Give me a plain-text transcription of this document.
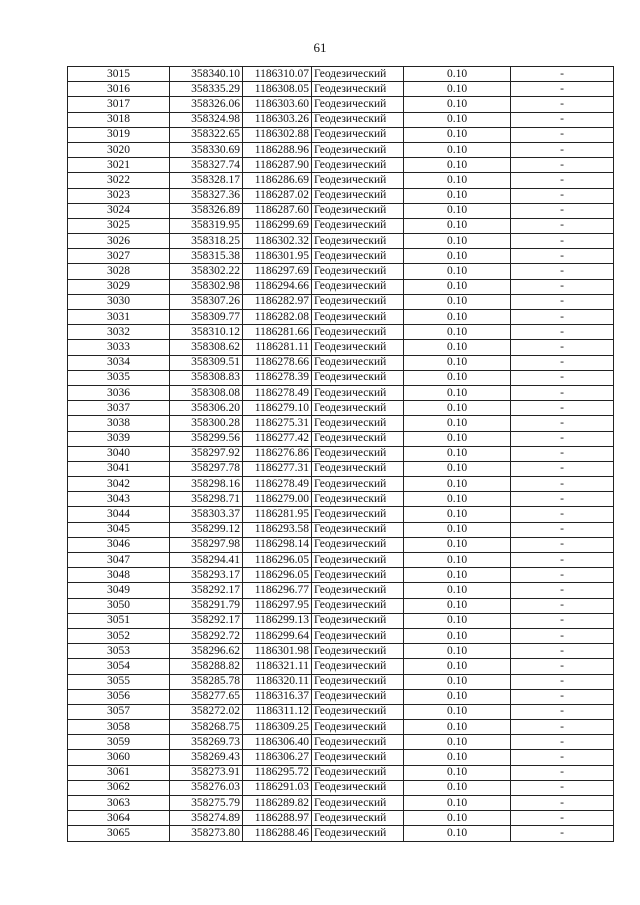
61
3015	358340.10	1186310.07	Геодезический	0.10	-
3016	358335.29	1186308.05	Геодезический	0.10	-
3017	358326.06	1186303.60	Геодезический	0.10	-
3018	358324.98	1186303.26	Геодезический	0.10	-
3019	358322.65	1186302.88	Геодезический	0.10	-
3020	358330.69	1186288.96	Геодезический	0.10	-
3021	358327.74	1186287.90	Геодезический	0.10	-
3022	358328.17	1186286.69	Геодезический	0.10	-
3023	358327.36	1186287.02	Геодезический	0.10	-
3024	358326.89	1186287.60	Геодезический	0.10	-
3025	358319.95	1186299.69	Геодезический	0.10	-
3026	358318.25	1186302.32	Геодезический	0.10	-
3027	358315.38	1186301.95	Геодезический	0.10	-
3028	358302.22	1186297.69	Геодезический	0.10	-
3029	358302.98	1186294.66	Геодезический	0.10	-
3030	358307.26	1186282.97	Геодезический	0.10	-
3031	358309.77	1186282.08	Геодезический	0.10	-
3032	358310.12	1186281.66	Геодезический	0.10	-
3033	358308.62	1186281.11	Геодезический	0.10	-
3034	358309.51	1186278.66	Геодезический	0.10	-
3035	358308.83	1186278.39	Геодезический	0.10	-
3036	358308.08	1186278.49	Геодезический	0.10	-
3037	358306.20	1186279.10	Геодезический	0.10	-
3038	358300.28	1186275.31	Геодезический	0.10	-
3039	358299.56	1186277.42	Геодезический	0.10	-
3040	358297.92	1186276.86	Геодезический	0.10	-
3041	358297.78	1186277.31	Геодезический	0.10	-
3042	358298.16	1186278.49	Геодезический	0.10	-
3043	358298.71	1186279.00	Геодезический	0.10	-
3044	358303.37	1186281.95	Геодезический	0.10	-
3045	358299.12	1186293.58	Геодезический	0.10	-
3046	358297.98	1186298.14	Геодезический	0.10	-
3047	358294.41	1186296.05	Геодезический	0.10	-
3048	358293.17	1186296.05	Геодезический	0.10	-
3049	358292.17	1186296.77	Геодезический	0.10	-
3050	358291.79	1186297.95	Геодезический	0.10	-
3051	358292.17	1186299.13	Геодезический	0.10	-
3052	358292.72	1186299.64	Геодезический	0.10	-
3053	358296.62	1186301.98	Геодезический	0.10	-
3054	358288.82	1186321.11	Геодезический	0.10	-
3055	358285.78	1186320.11	Геодезический	0.10	-
3056	358277.65	1186316.37	Геодезический	0.10	-
3057	358272.02	1186311.12	Геодезический	0.10	-
3058	358268.75	1186309.25	Геодезический	0.10	-
3059	358269.73	1186306.40	Геодезический	0.10	-
3060	358269.43	1186306.27	Геодезический	0.10	-
3061	358273.91	1186295.72	Геодезический	0.10	-
3062	358276.03	1186291.03	Геодезический	0.10	-
3063	358275.79	1186289.82	Геодезический	0.10	-
3064	358274.89	1186288.97	Геодезический	0.10	-
3065	358273.80	1186288.46	Геодезический	0.10	-
